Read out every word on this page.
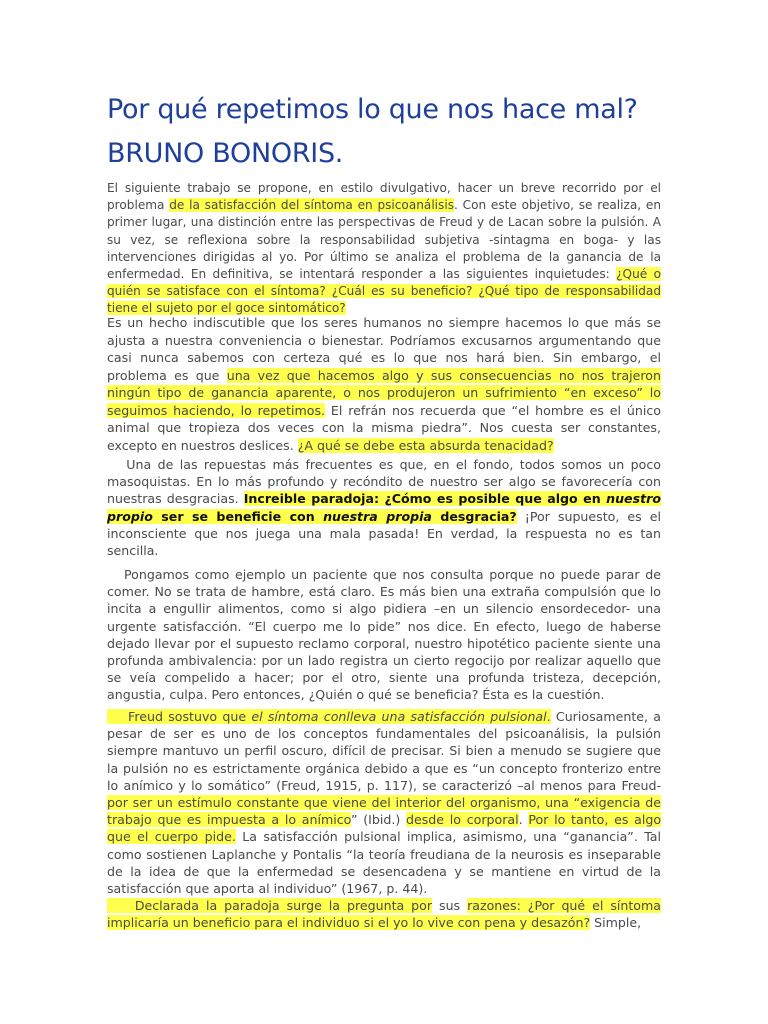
Por qué repetimos lo que nos hace mal?
BRUNO BONORIS.

El siguiente trabajo se propone, en estilo divulgativo, hacer un breve recorrido por el problema de la satisfacción del síntoma en psicoanálisis. Con este objetivo, se realiza, en primer lugar, una distinción entre las perspectivas de Freud y de Lacan sobre la pulsión. A su vez, se reflexiona sobre la responsabilidad subjetiva -sintagma en boga- y las intervenciones dirigidas al yo. Por último se analiza el problema de la ganancia de la enfermedad. En definitiva, se intentará responder a las siguientes inquietudes: ¿Qué o quién se satisface con el síntoma? ¿Cuál es su beneficio? ¿Qué tipo de responsabilidad tiene el sujeto por el goce sintomático?

Es un hecho indiscutible que los seres humanos no siempre hacemos lo que más se ajusta a nuestra conveniencia o bienestar. Podríamos excusarnos argumentando que casi nunca sabemos con certeza qué es lo que nos hará bien. Sin embargo, el problema es que una vez que hacemos algo y sus consecuencias no nos trajeron ningún tipo de ganancia aparente, o nos produjeron un sufrimiento “en exceso” lo seguimos haciendo, lo repetimos. El refrán nos recuerda que “el hombre es el único animal que tropieza dos veces con la misma piedra”. Nos cuesta ser constantes, excepto en nuestros deslices. ¿A qué se debe esta absurda tenacidad?

Una de las repuestas más frecuentes es que, en el fondo, todos somos un poco masoquistas. En lo más profundo y recóndito de nuestro ser algo se favorecería con nuestras desgracias. Increible paradoja: ¿Cómo es posible que algo en nuestro propio ser se beneficie con nuestra propia desgracia? ¡Por supuesto, es el inconsciente que nos juega una mala pasada! En verdad, la respuesta no es tan sencilla.

Pongamos como ejemplo un paciente que nos consulta porque no puede parar de comer. No se trata de hambre, está claro. Es más bien una extraña compulsión que lo incita a engullir alimentos, como si algo pidiera –en un silencio ensordecedor- una urgente satisfacción. “El cuerpo me lo pide” nos dice. En efecto, luego de haberse dejado llevar por el supuesto reclamo corporal, nuestro hipotético paciente siente una profunda ambivalencia: por un lado registra un cierto regocijo por realizar aquello que se veía compelido a hacer; por el otro, siente una profunda tristeza, decepción, angustia, culpa. Pero entonces, ¿Quién o qué se beneficia? Ésta es la cuestión.

Freud sostuvo que el síntoma conlleva una satisfacción pulsional. Curiosamente, a pesar de ser es uno de los conceptos fundamentales del psicoanálisis, la pulsión siempre mantuvo un perfil oscuro, difícil de precisar. Si bien a menudo se sugiere que la pulsión no es estrictamente orgánica debido a que es “un concepto fronterizo entre lo anímico y lo somático” (Freud, 1915, p. 117), se caracterizó –al menos para Freud- por ser un estímulo constante que viene del interior del organismo, una “exigencia de trabajo que es impuesta a lo anímico” (Ibid.) desde lo corporal. Por lo tanto, es algo que el cuerpo pide. La satisfacción pulsional implica, asimismo, una “ganancia”. Tal como sostienen Laplanche y Pontalis “la teoría freudiana de la neurosis es inseparable de la idea de que la enfermedad se desencadena y se mantiene en virtud de la satisfacción que aporta al individuo” (1967, p. 44).

Declarada la paradoja surge la pregunta por sus razones: ¿Por qué el síntoma implicaría un beneficio para el individuo si el yo lo vive con pena y desazón? Simple,
